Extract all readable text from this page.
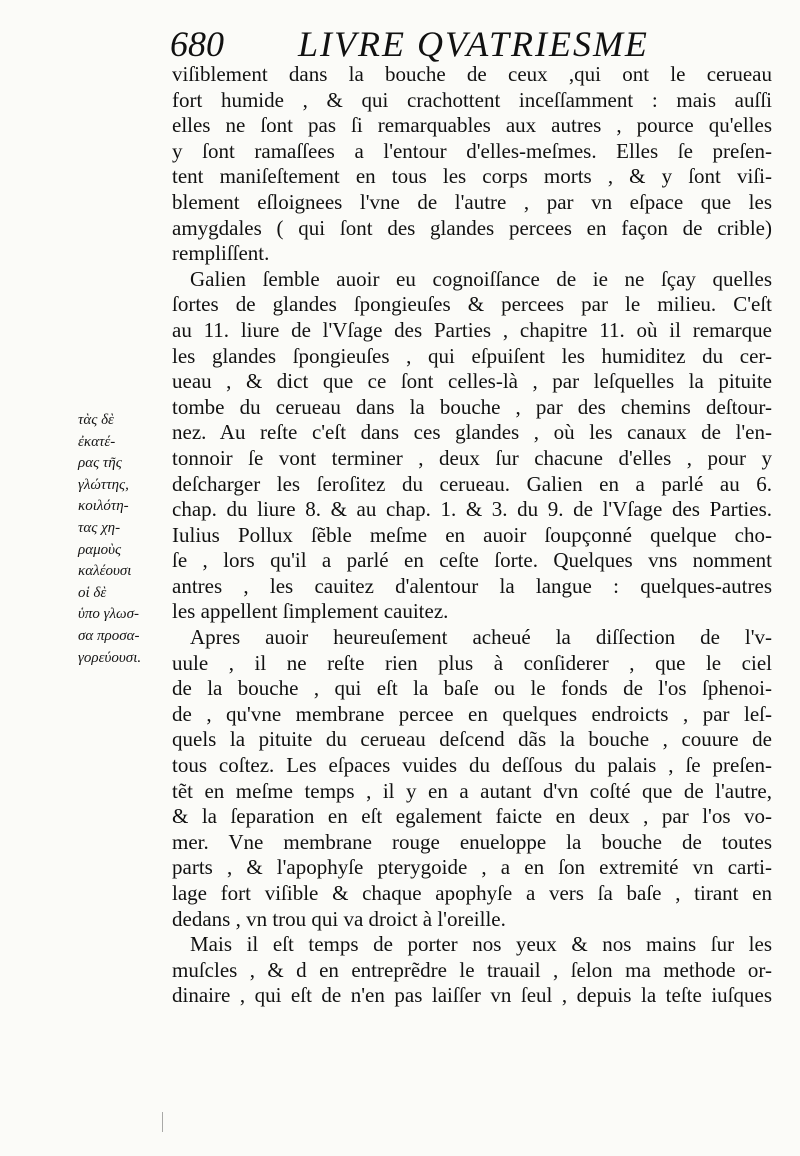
680 LIVRE QVATRIESME
viſiblement dans la bouche de ceux ,qui ont le cerueau
fort humide , & qui crachottent inceſſamment : mais auſſi
elles ne ſont pas ſi remarquables aux autres , pource qu'elles
y ſont ramaſſees a l'entour d'elles-meſmes. Elles ſe preſen-
tent maniſeſtement en tous les corps morts , & y ſont viſi-
blement eſloignees l'vne de l'autre , par vn eſpace que les
amygdales ( qui ſont des glandes percees en façon de crible)
rempliſſent.
Galien ſemble auoir eu cognoiſſance de ie ne ſçay quelles
ſortes de glandes ſpongieuſes & percees par le milieu. C'eſt
au 11. liure de l'Vſage des Parties , chapitre 11. où il remarque
les glandes ſpongieuſes , qui eſpuiſent les humiditez du cer-
ueau , & dict que ce ſont celles-là , par leſquelles la pituite
tombe du cerueau dans la bouche , par des chemins deſtour-
nez. Au reſte c'eſt dans ces glandes , où les canaux de l'en-
tonnoir ſe vont terminer , deux ſur chacune d'elles , pour y
deſcharger les ſeroſitez du cerueau. Galien en a parlé au 6.
chap. du liure 8. & au chap. 1. & 3. du 9. de l'Vſage des Parties.
Iulius Pollux ſẽble meſme en auoir ſoupçonné quelque cho-
ſe , lors qu'il a parlé en ceſte ſorte. Quelques vns nomment
antres , les cauitez d'alentour la langue : quelques-autres
les appellent ſimplement cauitez.
Apres auoir heureuſement acheué la diſſection de l'v-
uule , il ne reſte rien plus à conſiderer , que le ciel
de la bouche , qui eſt la baſe ou le fonds de l'os ſphenoi-
de , qu'vne membrane percee en quelques endroicts , par leſ-
quels la pituite du cerueau deſcend dãs la bouche , couure de
tous coſtez. Les eſpaces vuides du deſſous du palais , ſe preſen-
tẽt en meſme temps , il y en a autant d'vn coſté que de l'autre,
& la ſeparation en eſt egalement faicte en deux , par l'os vo-
mer. Vne membrane rouge enueloppe la bouche de toutes
parts , & l'apophyſe pterygoide , a en ſon extremité vn carti-
lage fort viſible & chaque apophyſe a vers ſa baſe , tirant en
dedans , vn trou qui va droict à l'oreille.
Mais il eſt temps de porter nos yeux & nos mains ſur les
muſcles , & d en entreprẽdre le trauail , ſelon ma methode or-
dinaire , qui eſt de n'en pas laiſſer vn ſeul , depuis la teſte iuſques
τὰς δὲ
ἐκατέ-
ρας τῆς
γλώττης,
κοιλότη-
τας χη-
ραμοὺς
καλέουσι
οἱ δὲ
ὑπο γλωσ-
σα προσα-
γορεύουσι.
